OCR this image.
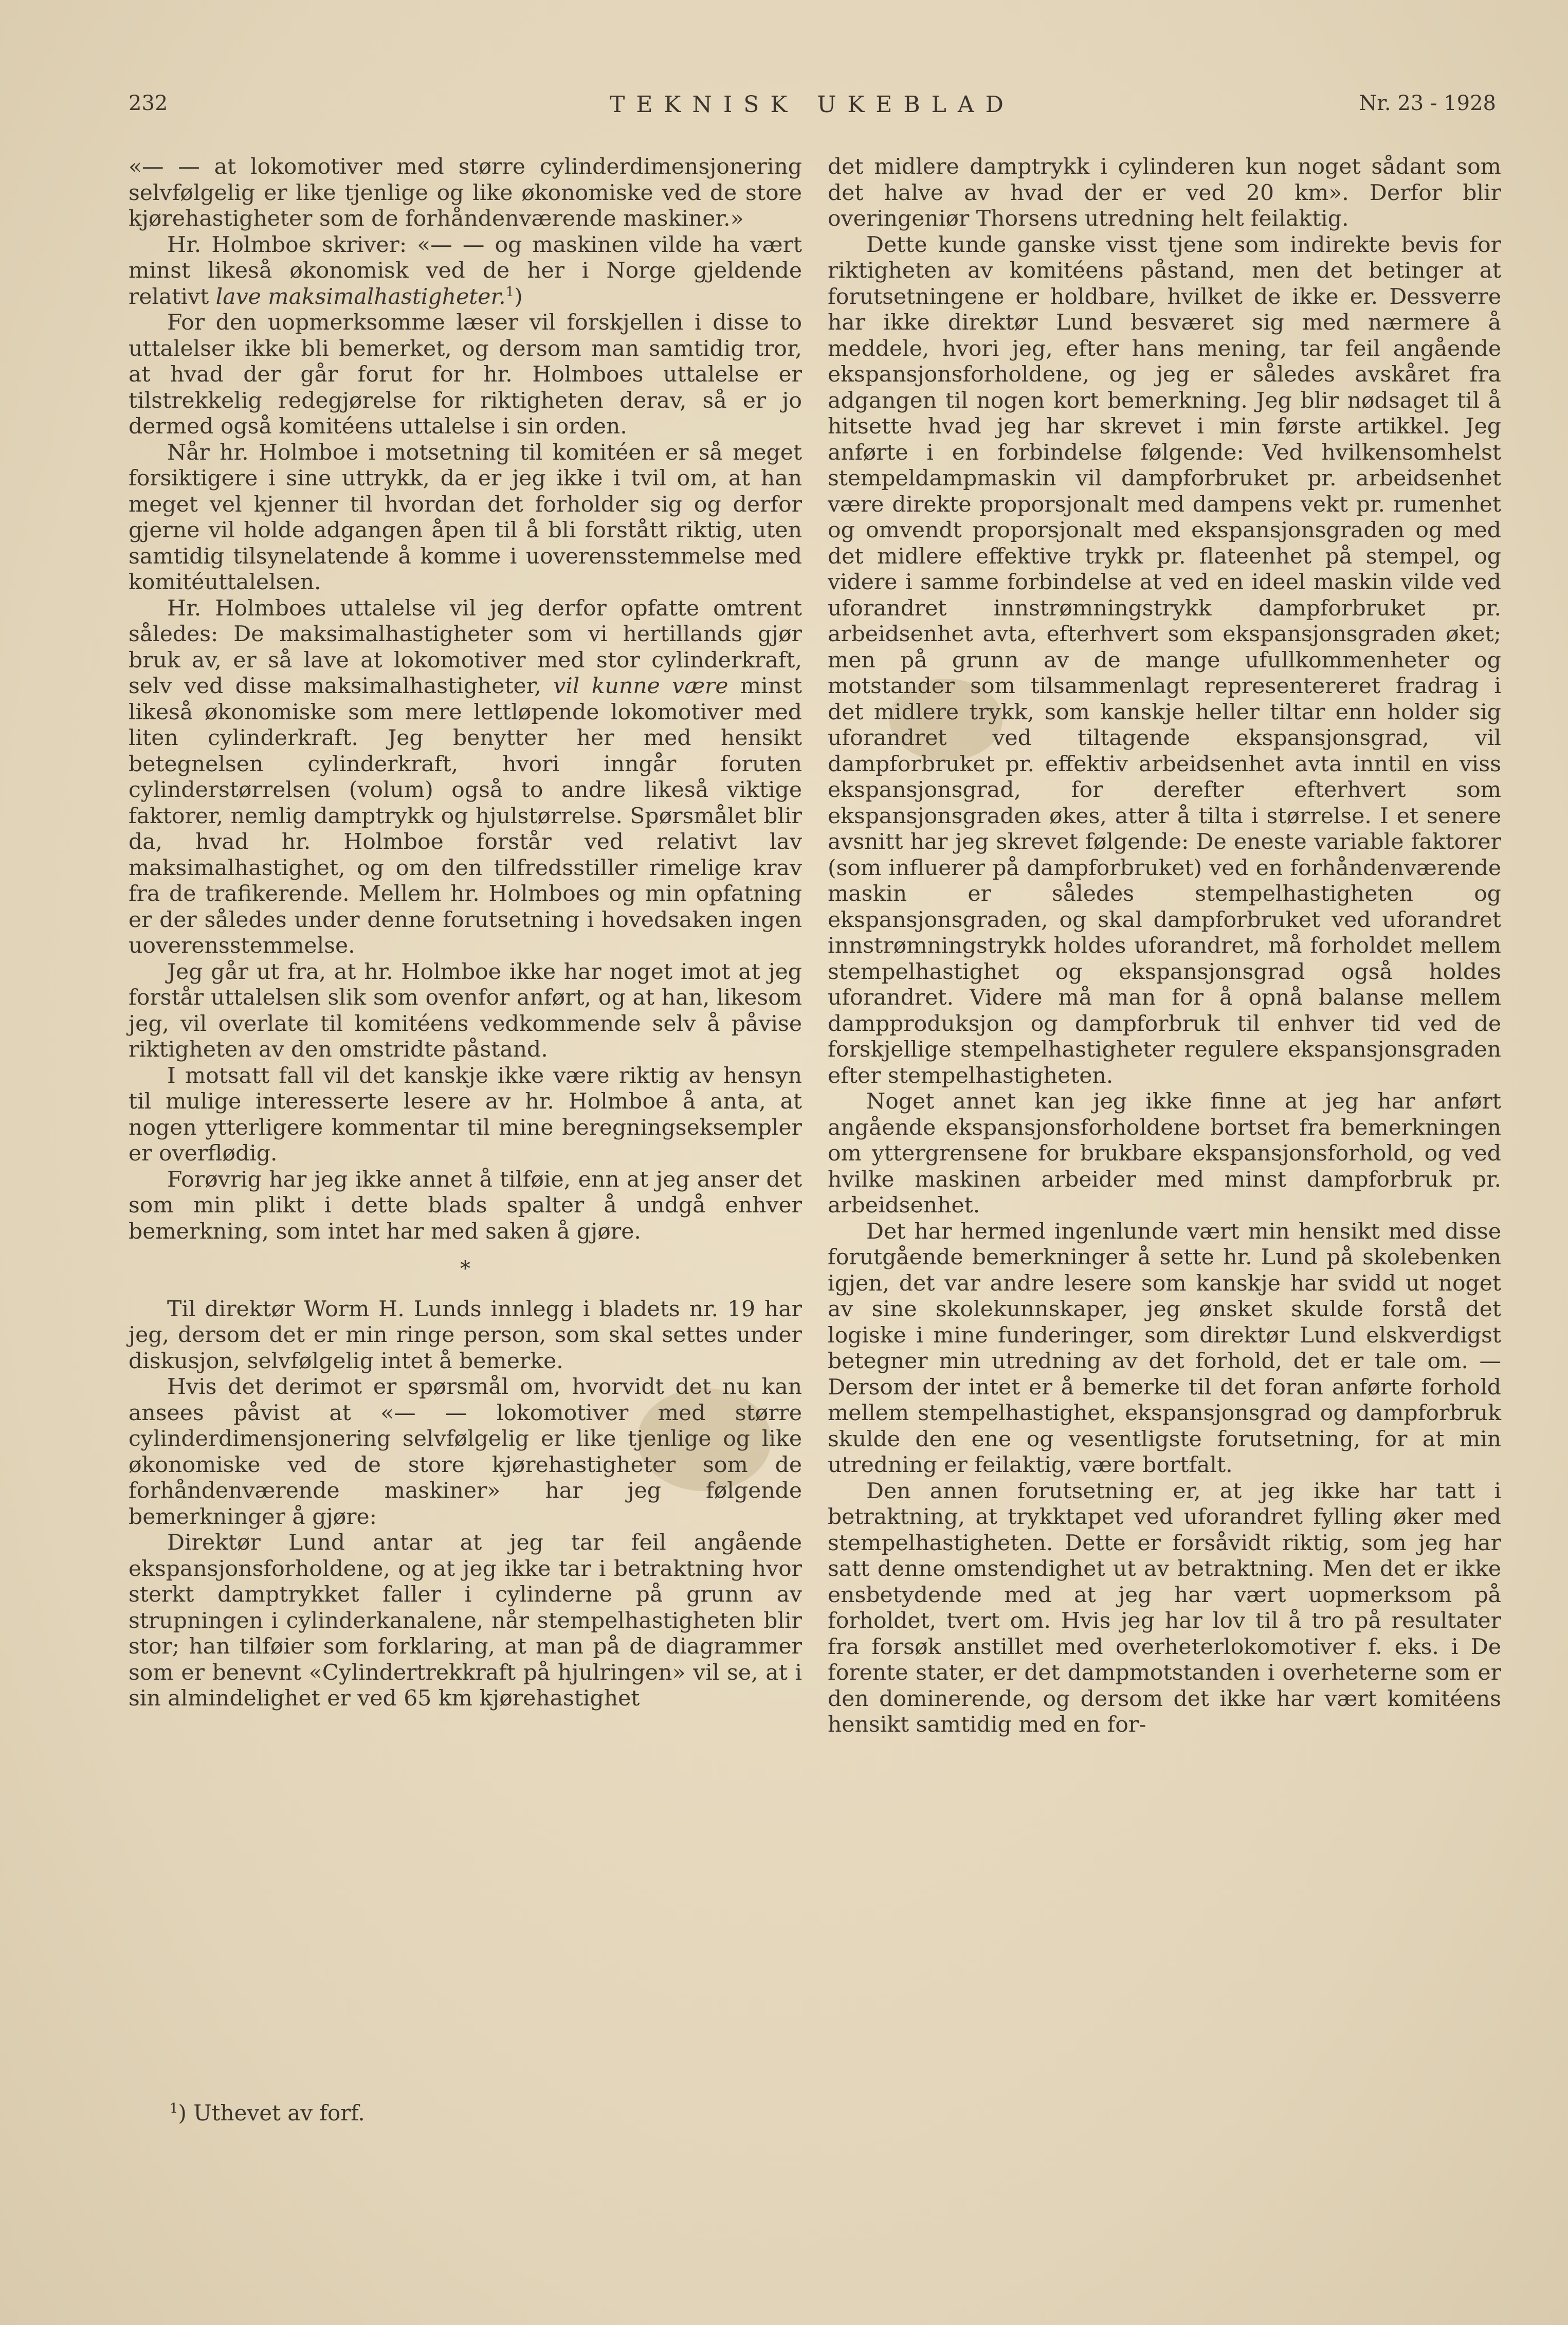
232	TEKNISK UKEBLAD	Nr. 23 - 1928

«— — at lokomotiver med større cylinderdimensjonering selvfølgelig er like tjenlige og like økonomiske ved de store kjørehastigheter som de forhåndenværende maskiner.»

Hr. Holmboe skriver: «— — og maskinen vilde ha vært minst likeså økonomisk ved de her i Norge gjeldende relativt lave maksimalhastigheter.$^1$)

For den uopmerksomme læser vil forskjellen i disse to uttalelser ikke bli bemerket, og dersom man samtidig tror, at hvad der går forut for hr. Holmboes uttalelse er tilstrekkelig redegjørelse for riktigheten derav, så er jo dermed også komitéens uttalelse i sin orden.

Når hr. Holmboe i motsetning til komitéen er så meget forsiktigere i sine uttrykk, da er jeg ikke i tvil om, at han meget vel kjenner til hvordan det forholder sig og derfor gjerne vil holde adgangen åpen til å bli forstått riktig, uten samtidig tilsynelatende å komme i uoverensstemmelse med komitéuttalelsen.

Hr. Holmboes uttalelse vil jeg derfor opfatte omtrent således: De maksimalhastigheter som vi hertillands gjør bruk av, er så lave at lokomotiver med stor cylinderkraft, selv ved disse maksimalhastigheter, vil kunne være minst likeså økonomiske som mere lettløpende lokomotiver med liten cylinderkraft. Jeg benytter her med hensikt betegnelsen cylinderkraft, hvori inngår foruten cylinderstørrelsen (volum) også to andre likeså viktige faktorer, nemlig damptrykk og hjulstørrelse. Spørsmålet blir da, hvad hr. Holmboe forstår ved relativt lav maksimalhastighet, og om den tilfredsstiller rimelige krav fra de trafikerende. Mellem hr. Holmboes og min opfatning er der således under denne forutsetning i hovedsaken ingen uoverensstemmelse.

Jeg går ut fra, at hr. Holmboe ikke har noget imot at jeg forstår uttalelsen slik som ovenfor anført, og at han, likesom jeg, vil overlate til komitéens vedkommende selv å påvise riktigheten av den omstridte påstand.

I motsatt fall vil det kanskje ikke være riktig av hensyn til mulige interesserte lesere av hr. Holmboe å anta, at nogen ytterligere kommentar til mine beregningseksempler er overflødig.

Forøvrig har jeg ikke annet å tilføie, enn at jeg anser det som min plikt i dette blads spalter å undgå enhver bemerkning, som intet har med saken å gjøre.

*

Til direktør Worm H. Lunds innlegg i bladets nr. 19 har jeg, dersom det er min ringe person, som skal settes under diskusjon, selvfølgelig intet å bemerke.

Hvis det derimot er spørsmål om, hvorvidt det nu kan ansees påvist at «— — lokomotiver med større cylinderdimensjonering selvfølgelig er like tjenlige og like økonomiske ved de store kjørehastigheter som de forhåndenværende maskiner» har jeg følgende bemerkninger å gjøre:

Direktør Lund antar at jeg tar feil angående ekspansjonsforholdene, og at jeg ikke tar i betraktning hvor sterkt damptrykket faller i cylinderne på grunn av strupningen i cylinderkanalene, når stempelhastigheten blir stor; han tilføier som forklaring, at man på de diagrammer som er benevnt «Cylindertrekkraft på hjulringen» vil se, at i sin almindelighet er ved 65 km kjørehastighet

$^1$) Uthevet av forf.

det midlere damptrykk i cylinderen kun noget sådant som det halve av hvad der er ved 20 km». Derfor blir overingeniør Thorsens utredning helt feilaktig.

Dette kunde ganske visst tjene som indirekte bevis for riktigheten av komitéens påstand, men det betinger at forutsetningene er holdbare, hvilket de ikke er. Dessverre har ikke direktør Lund besværet sig med nærmere å meddele, hvori jeg, efter hans mening, tar feil angående ekspansjonsforholdene, og jeg er således avskåret fra adgangen til nogen kort bemerkning. Jeg blir nødsaget til å hitsette hvad jeg har skrevet i min første artikkel. Jeg anførte i en forbindelse følgende: Ved hvilkensomhelst stempeldampmaskin vil dampforbruket pr. arbeidsenhet være direkte proporsjonalt med dampens vekt pr. rumenhet og omvendt proporsjonalt med ekspansjonsgraden og med det midlere effektive trykk pr. flateenhet på stempel, og videre i samme forbindelse at ved en ideel maskin vilde ved uforandret innstrømningstrykk dampforbruket pr. arbeidsenhet avta, efterhvert som ekspansjonsgraden øket; men på grunn av de mange ufullkommenheter og motstander som tilsammenlagt representereret fradrag i det midlere trykk, som kanskje heller tiltar enn holder sig uforandret ved tiltagende ekspansjonsgrad, vil dampforbruket pr. effektiv arbeidsenhet avta inntil en viss ekspansjonsgrad, for derefter efterhvert som ekspansjonsgraden økes, atter å tilta i størrelse. I et senere avsnitt har jeg skrevet følgende: De eneste variable faktorer (som influerer på dampforbruket) ved en forhåndenværende maskin er således stempelhastigheten og ekspansjonsgraden, og skal dampforbruket ved uforandret innstrømningstrykk holdes uforandret, må forholdet mellem stempelhastighet og ekspansjonsgrad også holdes uforandret. Videre må man for å opnå balanse mellem dampproduksjon og dampforbruk til enhver tid ved de forskjellige stempelhastigheter regulere ekspansjonsgraden efter stempelhastigheten.

Noget annet kan jeg ikke finne at jeg har anført angående ekspansjonsforholdene bortset fra bemerkningen om yttergrensene for brukbare ekspansjonsforhold, og ved hvilke maskinen arbeider med minst dampforbruk pr. arbeidsenhet.

Det har hermed ingenlunde vært min hensikt med disse forutgående bemerkninger å sette hr. Lund på skolebenken igjen, det var andre lesere som kanskje har svidd ut noget av sine skolekunnskaper, jeg ønsket skulde forstå det logiske i mine funderinger, som direktør Lund elskverdigst betegner min utredning av det forhold, det er tale om. — Dersom der intet er å bemerke til det foran anførte forhold mellem stempelhastighet, ekspansjonsgrad og dampforbruk skulde den ene og vesentligste forutsetning, for at min utredning er feilaktig, være bortfalt.

Den annen forutsetning er, at jeg ikke har tatt i betraktning, at trykktapet ved uforandret fylling øker med stempelhastigheten. Dette er forsåvidt riktig, som jeg har satt denne omstendighet ut av betraktning. Men det er ikke ensbetydende med at jeg har vært uopmerksom på forholdet, tvert om. Hvis jeg har lov til å tro på resultater fra forsøk anstillet med overheterlokomotiver f. eks. i De forente stater, er det dampmotstanden i overheterne som er den dominerende, og dersom det ikke har vært komitéens hensikt samtidig med en for-
